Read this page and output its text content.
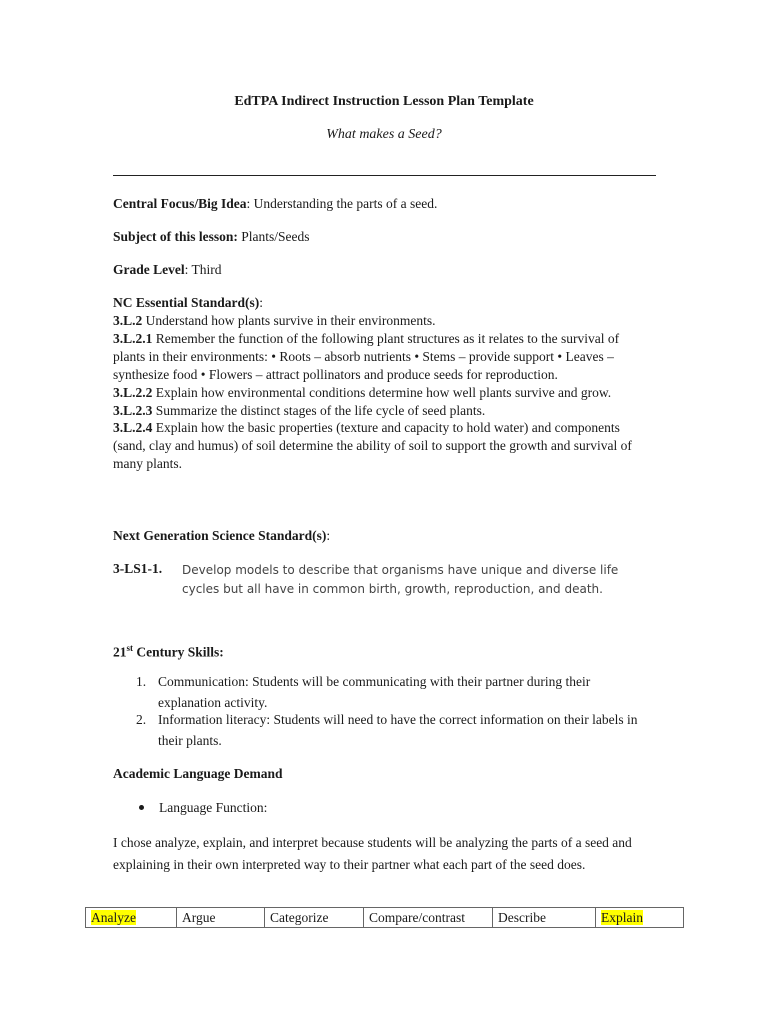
EdTPA Indirect Instruction Lesson Plan Template
What makes a Seed?
Central Focus/Big Idea: Understanding the parts of a seed.
Subject of this lesson: Plants/Seeds
Grade Level: Third
NC Essential Standard(s):

3.L.2 Understand how plants survive in their environments.

3.L.2.1 Remember the function of the following plant structures as it relates to the survival of plants in their environments: • Roots – absorb nutrients • Stems – provide support • Leaves – synthesize food • Flowers – attract pollinators and produce seeds for reproduction.

3.L.2.2 Explain how environmental conditions determine how well plants survive and grow.

3.L.2.3 Summarize the distinct stages of the life cycle of seed plants.

3.L.2.4 Explain how the basic properties (texture and capacity to hold water) and components (sand, clay and humus) of soil determine the ability of soil to support the growth and survival of many plants.

Next Generation Science Standard(s):
3-LS1-1. Develop models to describe that organisms have unique and diverse life cycles but all have in common birth, growth, reproduction, and death.
21st Century Skills:
1. Communication: Students will be communicating with their partner during their explanation activity.
2. Information literacy: Students will need to have the correct information on their labels in their plants.
Academic Language Demand
Language Function:
I chose analyze, explain, and interpret because students will be analyzing the parts of a seed and explaining in their own interpreted way to their partner what each part of the seed does.
Analyze	Argue	Categorize	Compare/contrast	Describe	Explain
